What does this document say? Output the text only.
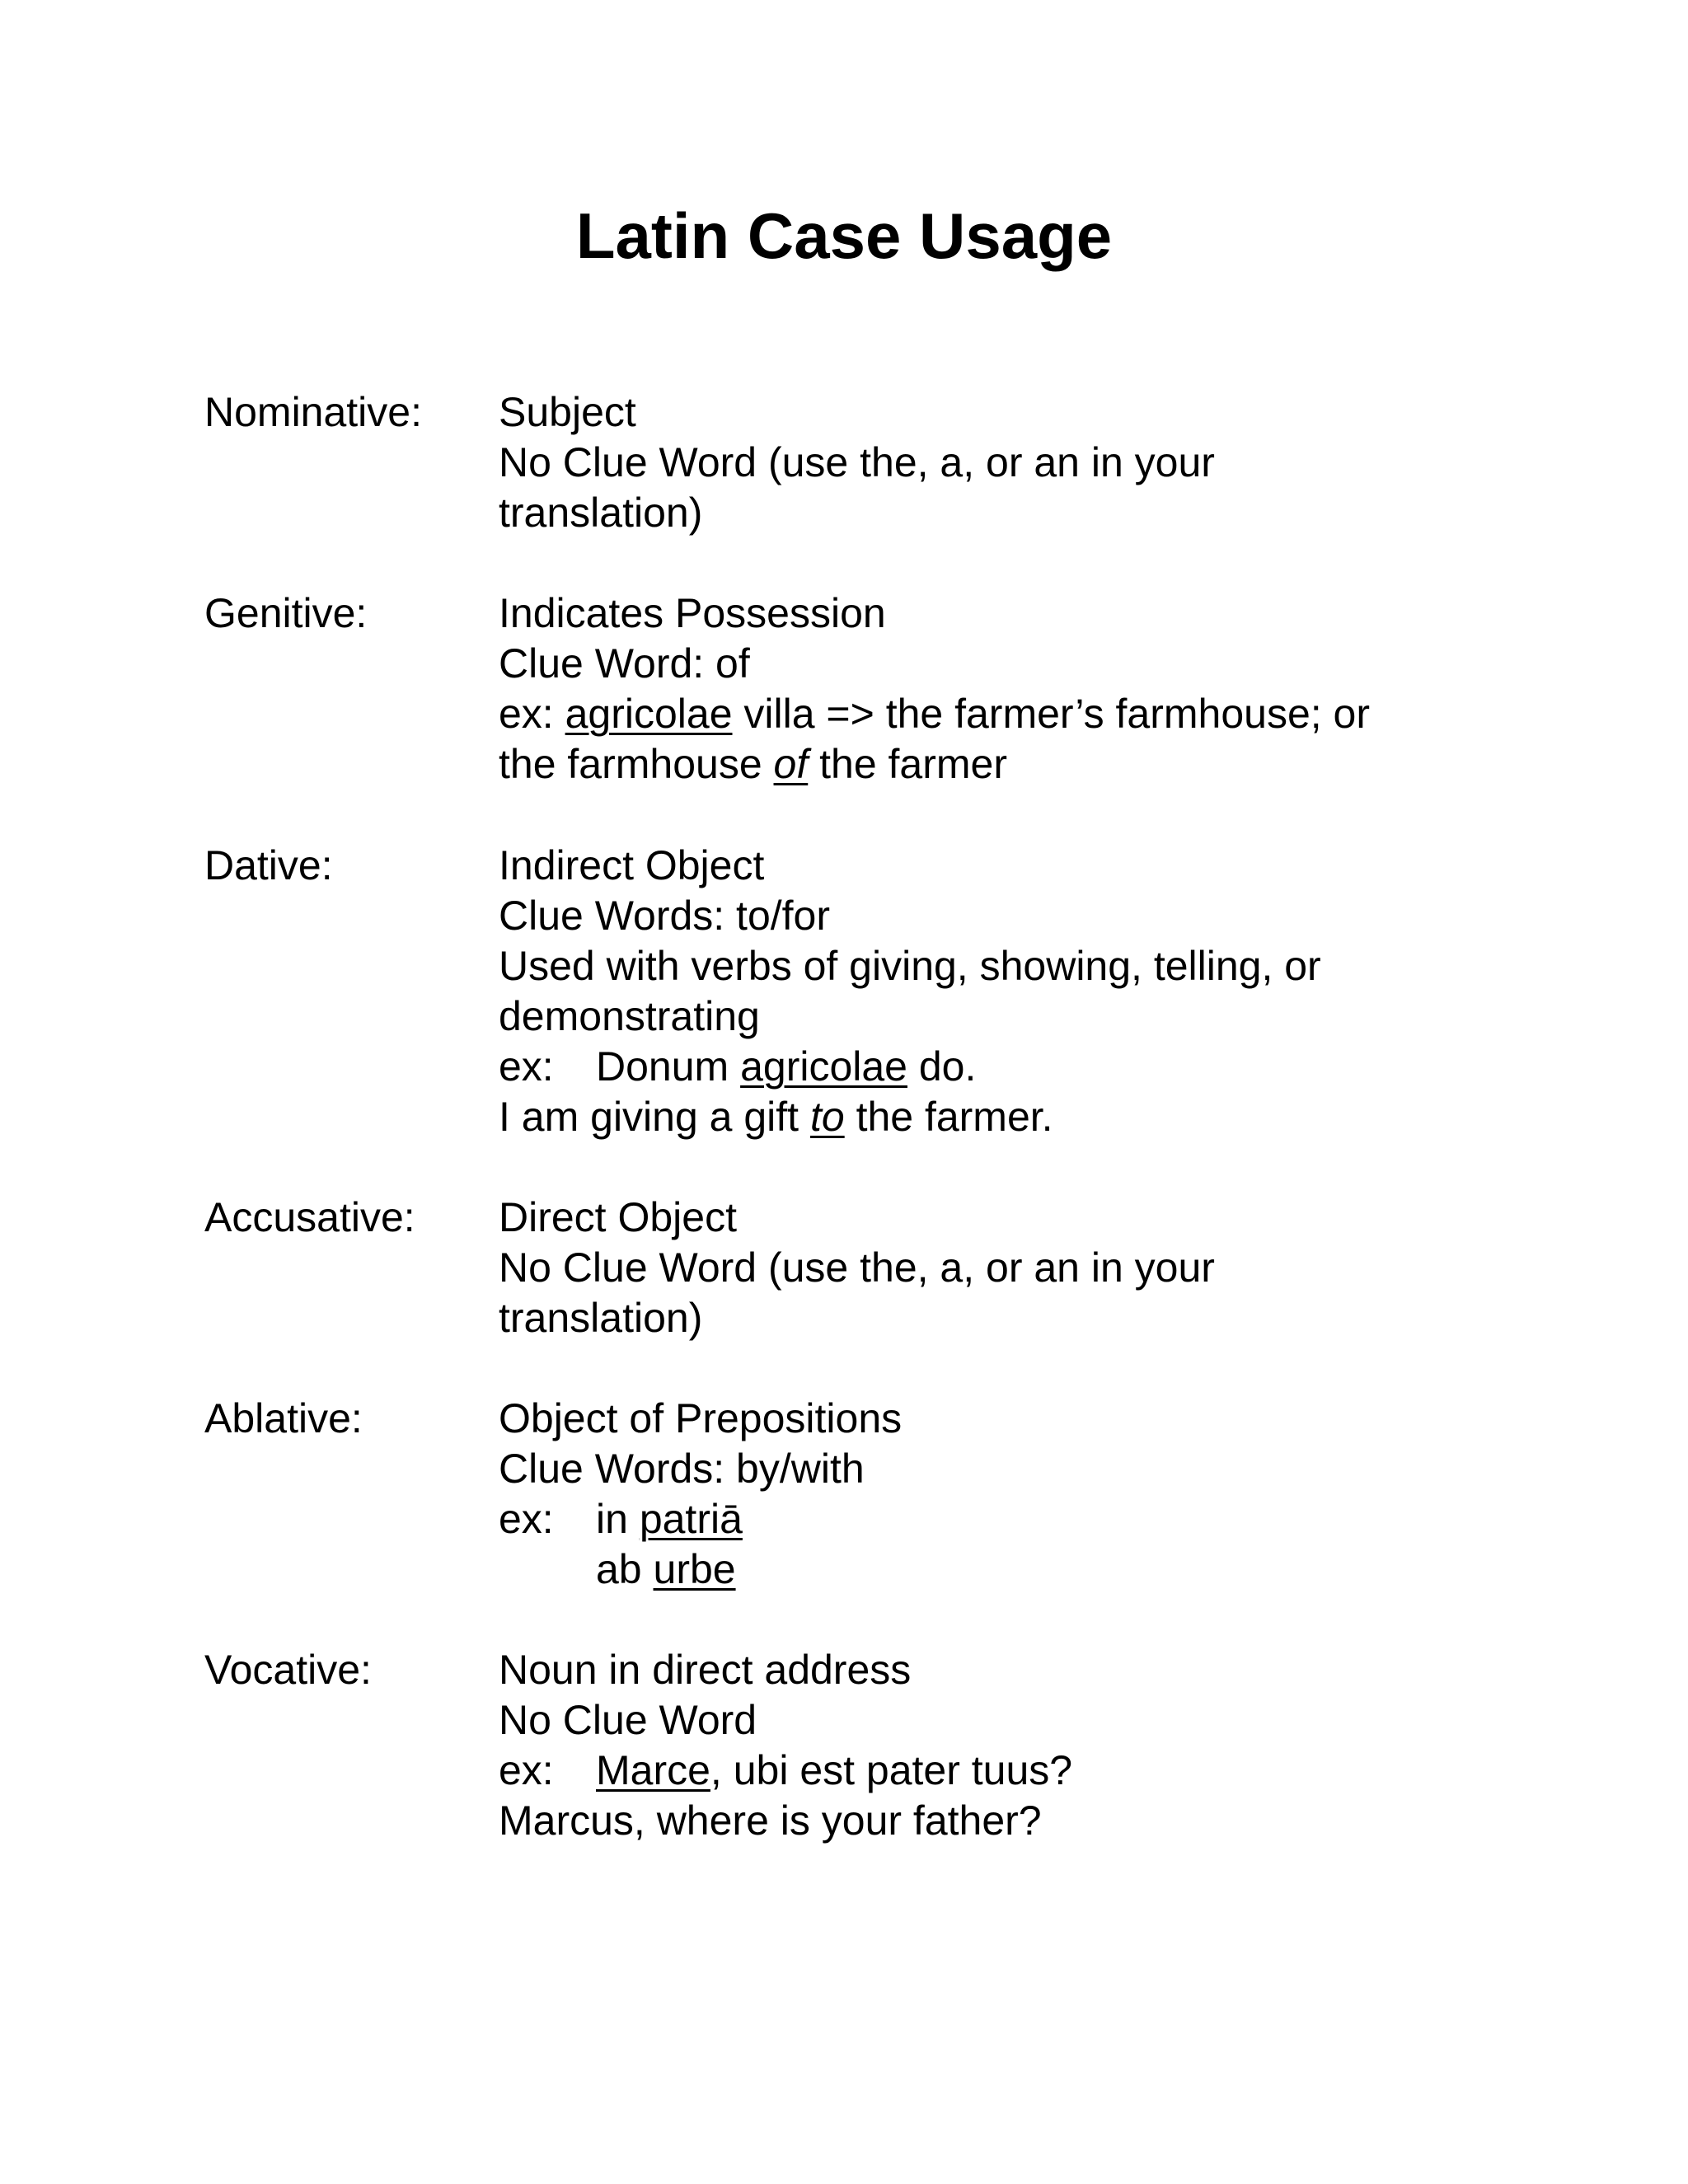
Latin Case Usage
Nominative:	Subject
No Clue Word (use the, a, or an in your
translation)
Genitive:	Indicates Possession
Clue Word: of
ex: agricolae villa => the farmer’s farmhouse; or
the farmhouse of the farmer
Dative:	Indirect Object
Clue Words: to/for
Used with verbs of giving, showing, telling, or
demonstrating
ex: Donum agricolae do.
I am giving a gift to the farmer.
Accusative:	Direct Object
No Clue Word (use the, a, or an in your
translation)
Ablative:	Object of Prepositions
Clue Words: by/with
ex: in patriā
ab urbe
Vocative:	Noun in direct address
No Clue Word
ex: Marce, ubi est pater tuus?
Marcus, where is your father?
